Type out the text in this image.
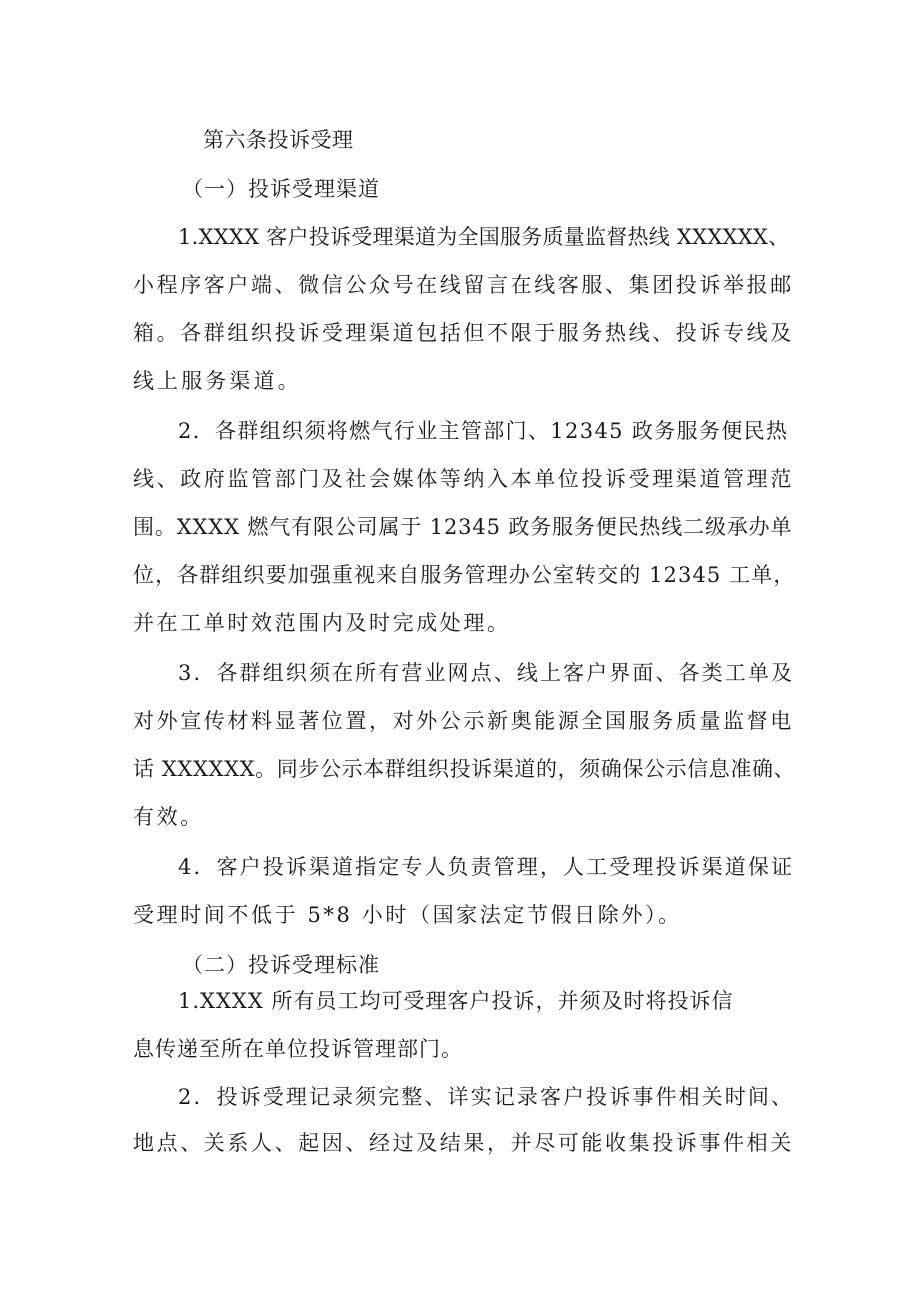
第六条投诉受理
（一）投诉受理渠道
1.XXXX 客户投诉受理渠道为全国服务质量监督热线 XXXXXX、
小程序客户端、微信公众号在线留言在线客服、集团投诉举报邮
箱。各群组织投诉受理渠道包括但不限于服务热线、投诉专线及
线上服务渠道。
2．各群组织须将燃气行业主管部门、12345 政务服务便民热
线、政府监管部门及社会媒体等纳入本单位投诉受理渠道管理范
围。XXXX 燃气有限公司属于 12345 政务服务便民热线二级承办单
位，各群组织要加强重视来自服务管理办公室转交的 12345 工单，
并在工单时效范围内及时完成处理。
3．各群组织须在所有营业网点、线上客户界面、各类工单及
对外宣传材料显著位置，对外公示新奥能源全国服务质量监督电
话 XXXXXX。同步公示本群组织投诉渠道的，须确保公示信息准确、
有效。
4．客户投诉渠道指定专人负责管理，人工受理投诉渠道保证
受理时间不低于 5*8 小时（国家法定节假日除外）。
（二）投诉受理标准
1.XXXX 所有员工均可受理客户投诉，并须及时将投诉信
息传递至所在单位投诉管理部门。
2．投诉受理记录须完整、详实记录客户投诉事件相关时间、
地点、关系人、起因、经过及结果，并尽可能收集投诉事件相关
